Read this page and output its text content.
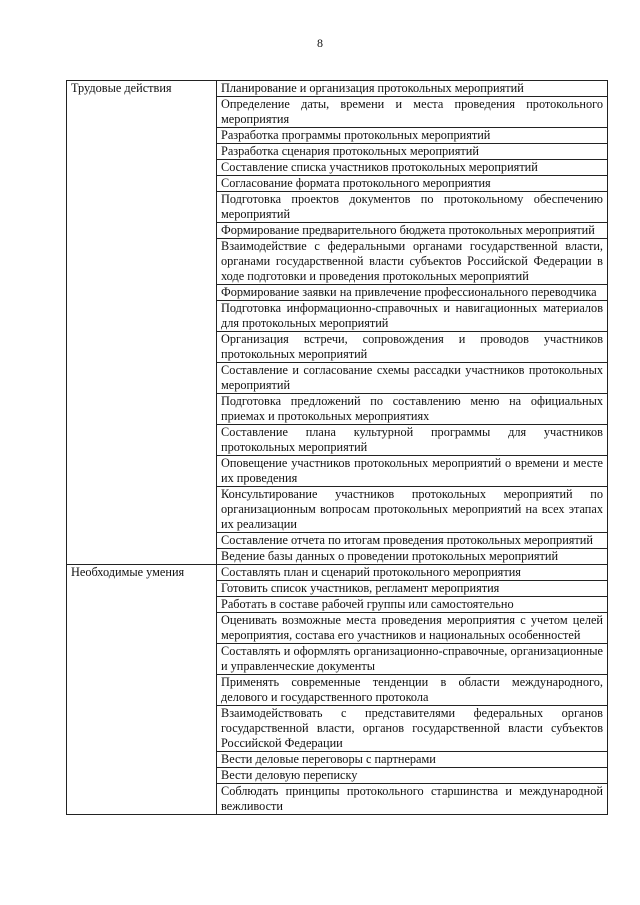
8
Трудовые действия	Планирование и организация протокольных мероприятий
	Определение даты, времени и места проведения протокольного мероприятия
	Разработка программы протокольных мероприятий
	Разработка сценария протокольных мероприятий
	Составление списка участников протокольных мероприятий
	Согласование формата протокольного мероприятия
	Подготовка проектов документов по протокольному обеспечению мероприятий
	Формирование предварительного бюджета протокольных мероприятий
	Взаимодействие с федеральными органами государственной власти, органами государственной власти субъектов Российской Федерации в ходе подготовки и проведения протокольных мероприятий
	Формирование заявки на привлечение профессионального переводчика
	Подготовка информационно-справочных и навигационных материалов для протокольных мероприятий
	Организация встречи, сопровождения и проводов участников протокольных мероприятий
	Составление и согласование схемы рассадки участников протокольных мероприятий
	Подготовка предложений по составлению меню на официальных приемах и протокольных мероприятиях
	Составление плана культурной программы для участников протокольных мероприятий
	Оповещение участников протокольных мероприятий о времени и месте их проведения
	Консультирование участников протокольных мероприятий по организационным вопросам протокольных мероприятий на всех этапах их реализации
	Составление отчета по итогам проведения протокольных мероприятий
	Ведение базы данных о проведении протокольных мероприятий
Необходимые умения	Составлять план и сценарий протокольного мероприятия
	Готовить список участников, регламент мероприятия
	Работать в составе рабочей группы или самостоятельно
	Оценивать возможные места проведения мероприятия с учетом целей мероприятия, состава его участников и национальных особенностей
	Составлять и оформлять организационно-справочные, организационные и управленческие документы
	Применять современные тенденции в области международного, делового и государственного протокола
	Взаимодействовать с представителями федеральных органов государственной власти, органов государственной власти субъектов Российской Федерации
	Вести деловые переговоры с партнерами
	Вести деловую переписку
	Соблюдать принципы протокольного старшинства и международной вежливости
